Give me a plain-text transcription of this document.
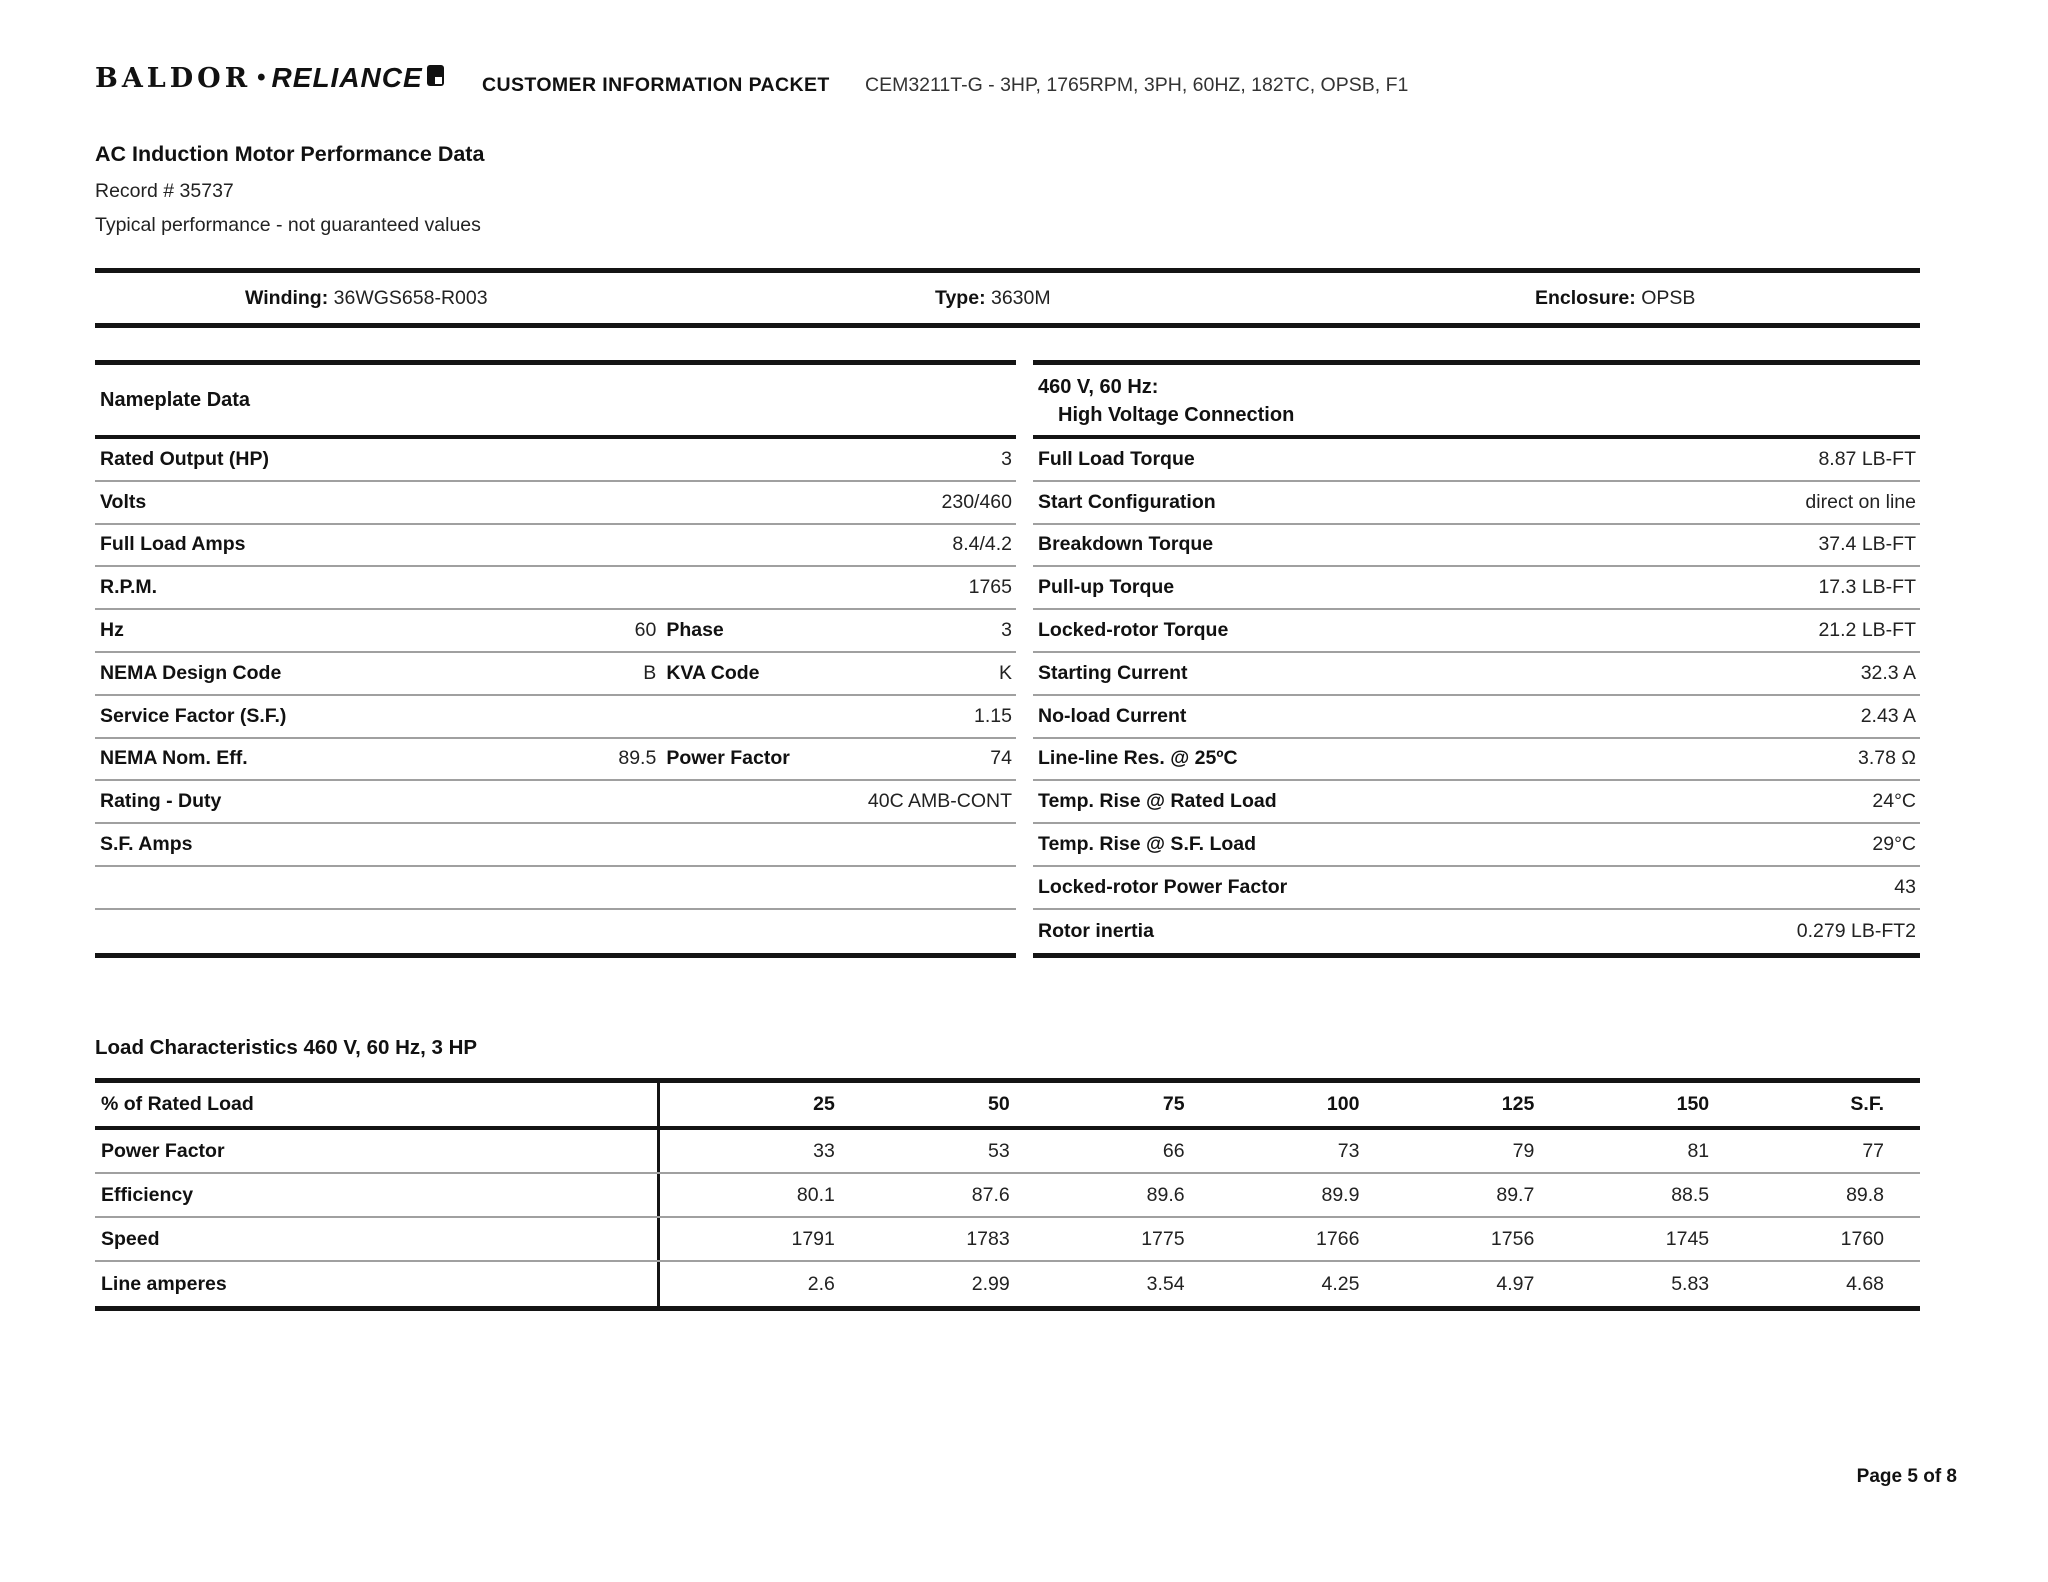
BALDOR • RELIANCE	CUSTOMER INFORMATION PACKET CEM3211T-G - 3HP, 1765RPM, 3PH, 60HZ, 182TC, OPSB, F1
AC Induction Motor Performance Data
Record # 35737
Typical performance - not guaranteed values
Winding: 36WGS658-R003	Type: 3630M	Enclosure: OPSB
Nameplate Data
Rated Output (HP)	3
Volts	230/460
Full Load Amps	8.4/4.2
R.P.M.	1765
Hz	60 Phase	3
NEMA Design Code	B KVA Code	K
Service Factor (S.F.)	1.15
NEMA Nom. Eff.	89.5 Power Factor	74
Rating - Duty	40C AMB-CONT
S.F. Amps
460 V, 60 Hz:
High Voltage Connection
Full Load Torque	8.87 LB-FT
Start Configuration	direct on line
Breakdown Torque	37.4 LB-FT
Pull-up Torque	17.3 LB-FT
Locked-rotor Torque	21.2 LB-FT
Starting Current	32.3 A
No-load Current	2.43 A
Line-line Res. @ 25ºC	3.78 Ω
Temp. Rise @ Rated Load	24°C
Temp. Rise @ S.F. Load	29°C
Locked-rotor Power Factor	43
Rotor inertia	0.279 LB-FT2
Load Characteristics 460 V, 60 Hz, 3 HP
% of Rated Load	25	50	75	100	125	150	S.F.
Power Factor	33	53	66	73	79	81	77
Efficiency	80.1	87.6	89.6	89.9	89.7	88.5	89.8
Speed	1791	1783	1775	1766	1756	1745	1760
Line amperes	2.6	2.99	3.54	4.25	4.97	5.83	4.68
Page 5 of 8
